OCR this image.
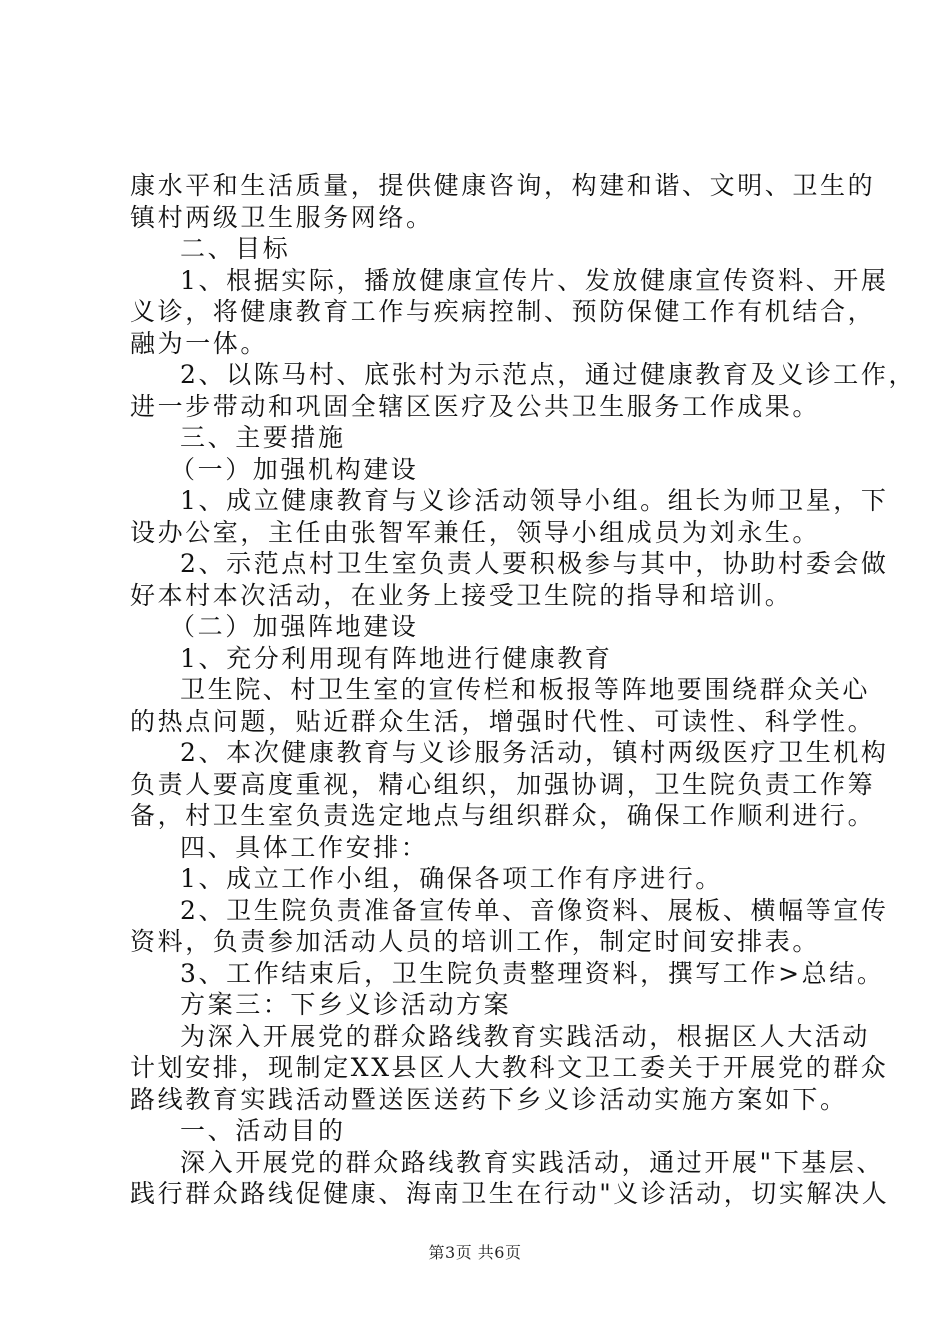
康水平和生活质量，提供健康咨询，构建和谐、文明、卫生的
镇村两级卫生服务网络。
二、目标
1、根据实际，播放健康宣传片、发放健康宣传资料、开展
义诊，将健康教育工作与疾病控制、预防保健工作有机结合，
融为一体。
2、以陈马村、底张村为示范点，通过健康教育及义诊工作，
进一步带动和巩固全辖区医疗及公共卫生服务工作成果。
三、主要措施
（一）加强机构建设
1、成立健康教育与义诊活动领导小组。组长为师卫星，下
设办公室，主任由张智军兼任，领导小组成员为刘永生。
2、示范点村卫生室负责人要积极参与其中，协助村委会做
好本村本次活动，在业务上接受卫生院的指导和培训。
（二）加强阵地建设
1、充分利用现有阵地进行健康教育
卫生院、村卫生室的宣传栏和板报等阵地要围绕群众关心
的热点问题，贴近群众生活，增强时代性、可读性、科学性。
2、本次健康教育与义诊服务活动，镇村两级医疗卫生机构
负责人要高度重视，精心组织，加强协调，卫生院负责工作筹
备，村卫生室负责选定地点与组织群众，确保工作顺利进行。
四、具体工作安排：
1、成立工作小组，确保各项工作有序进行。
2、卫生院负责准备宣传单、音像资料、展板、横幅等宣传
资料，负责参加活动人员的培训工作，制定时间安排表。
3、工作结束后，卫生院负责整理资料，撰写工作>总结。
方案三：下乡义诊活动方案
为深入开展党的群众路线教育实践活动，根据区人大活动
计划安排，现制定XX县区人大教科文卫工委关于开展党的群众
路线教育实践活动暨送医送药下乡义诊活动实施方案如下。
一、活动目的
深入开展党的群众路线教育实践活动，通过开展"下基层、
践行群众路线促健康、海南卫生在行动"义诊活动，切实解决人
第3页 共6页
